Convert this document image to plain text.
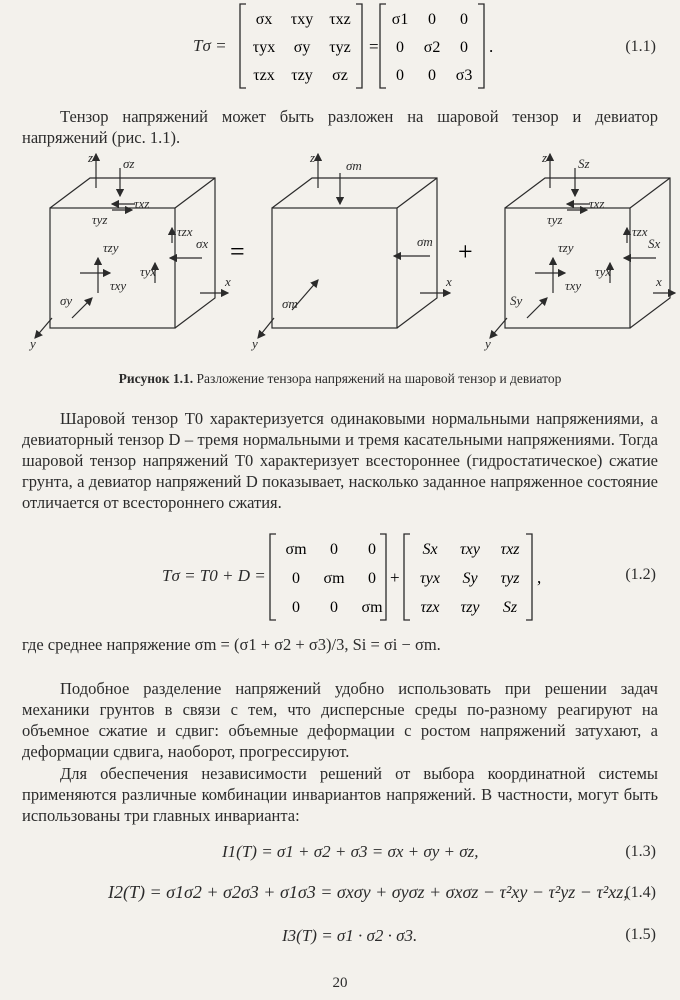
Tσ =
σx τxy τxz
τyx σy τyz
τzx τzy σz
=
σ1 0 0
0 σ2 0
0 0 σ3
.	(1.1)
Тензор напряжений может быть разложен на шаровой тензор и девиатор напряжений (рис. 1.1).
z
x
y
σz
τyz
τxz
τzx
σx
τzy
τxy
τyx
σy
=
z
x
y
σm
σm
σm
+
z
x
y
Sz
τyz
τxz
τzx
Sx
τzy
τxy
τyx
Sy
Рисунок 1.1. Разложение тензора напряжений на шаровой тензор и девиатор
Шаровой тензор T0 характеризуется одинаковыми нормальными напряжениями, а девиаторный тензор D – тремя нормальными и тремя касательными напряжениями. Тогда шаровой тензор напряжений T0 характеризует всестороннее (гидростатическое) сжатие грунта, а девиатор напряжений D показывает, насколько заданное напряженное состояние отличается от всестороннего сжатия.
Tσ = T0 + D =
σm 0 0
0 σm 0
0 0 σm
+
Sx τxy τxz
τyx Sy τyz
τzx τzy Sz
,	(1.2)
где среднее напряжение σm = (σ1 + σ2 + σ3)/3, Si = σi − σm.
Подобное разделение напряжений удобно использовать при решении задач механики грунтов в связи с тем, что дисперсные среды по-разному реагируют на объемное сжатие и сдвиг: объемные деформации с ростом напряжений затухают, а деформации сдвига, наоборот, прогрессируют.
Для обеспечения независимости решений от выбора координатной системы применяются различные комбинации инвариантов напряжений. В частности, могут быть использованы три главных инварианта:
I1(T) = σ1 + σ2 + σ3 = σx + σy + σz,	(1.3)
I2(T) = σ1σ2 + σ2σ3 + σ1σ3 = σxσy + σyσz + σxσz − τ²xy − τ²yz − τ²xz,
(1.4)
I3(T) = σ1 · σ2 · σ3.	(1.5)
20
